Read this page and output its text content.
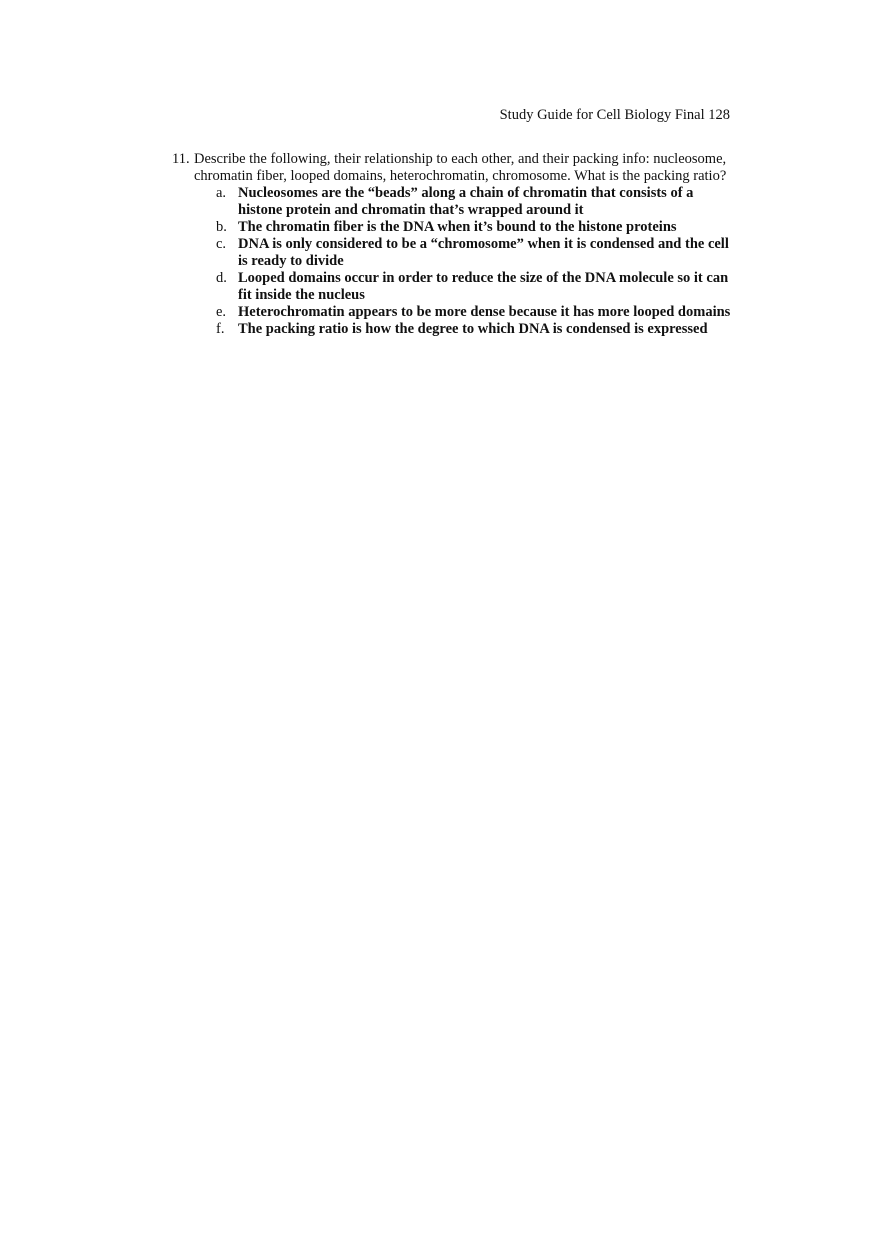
Study Guide for Cell Biology Final 128
11. Describe the following, their relationship to each other, and their packing info: nucleosome, chromatin fiber, looped domains, heterochromatin, chromosome. What is the packing ratio?
a. Nucleosomes are the “beads” along a chain of chromatin that consists of a histone protein and chromatin that’s wrapped around it
b. The chromatin fiber is the DNA when it’s bound to the histone proteins
c. DNA is only considered to be a “chromosome” when it is condensed and the cell is ready to divide
d. Looped domains occur in order to reduce the size of the DNA molecule so it can fit inside the nucleus
e. Heterochromatin appears to be more dense because it has more looped domains
f. The packing ratio is how the degree to which DNA is condensed is expressed
